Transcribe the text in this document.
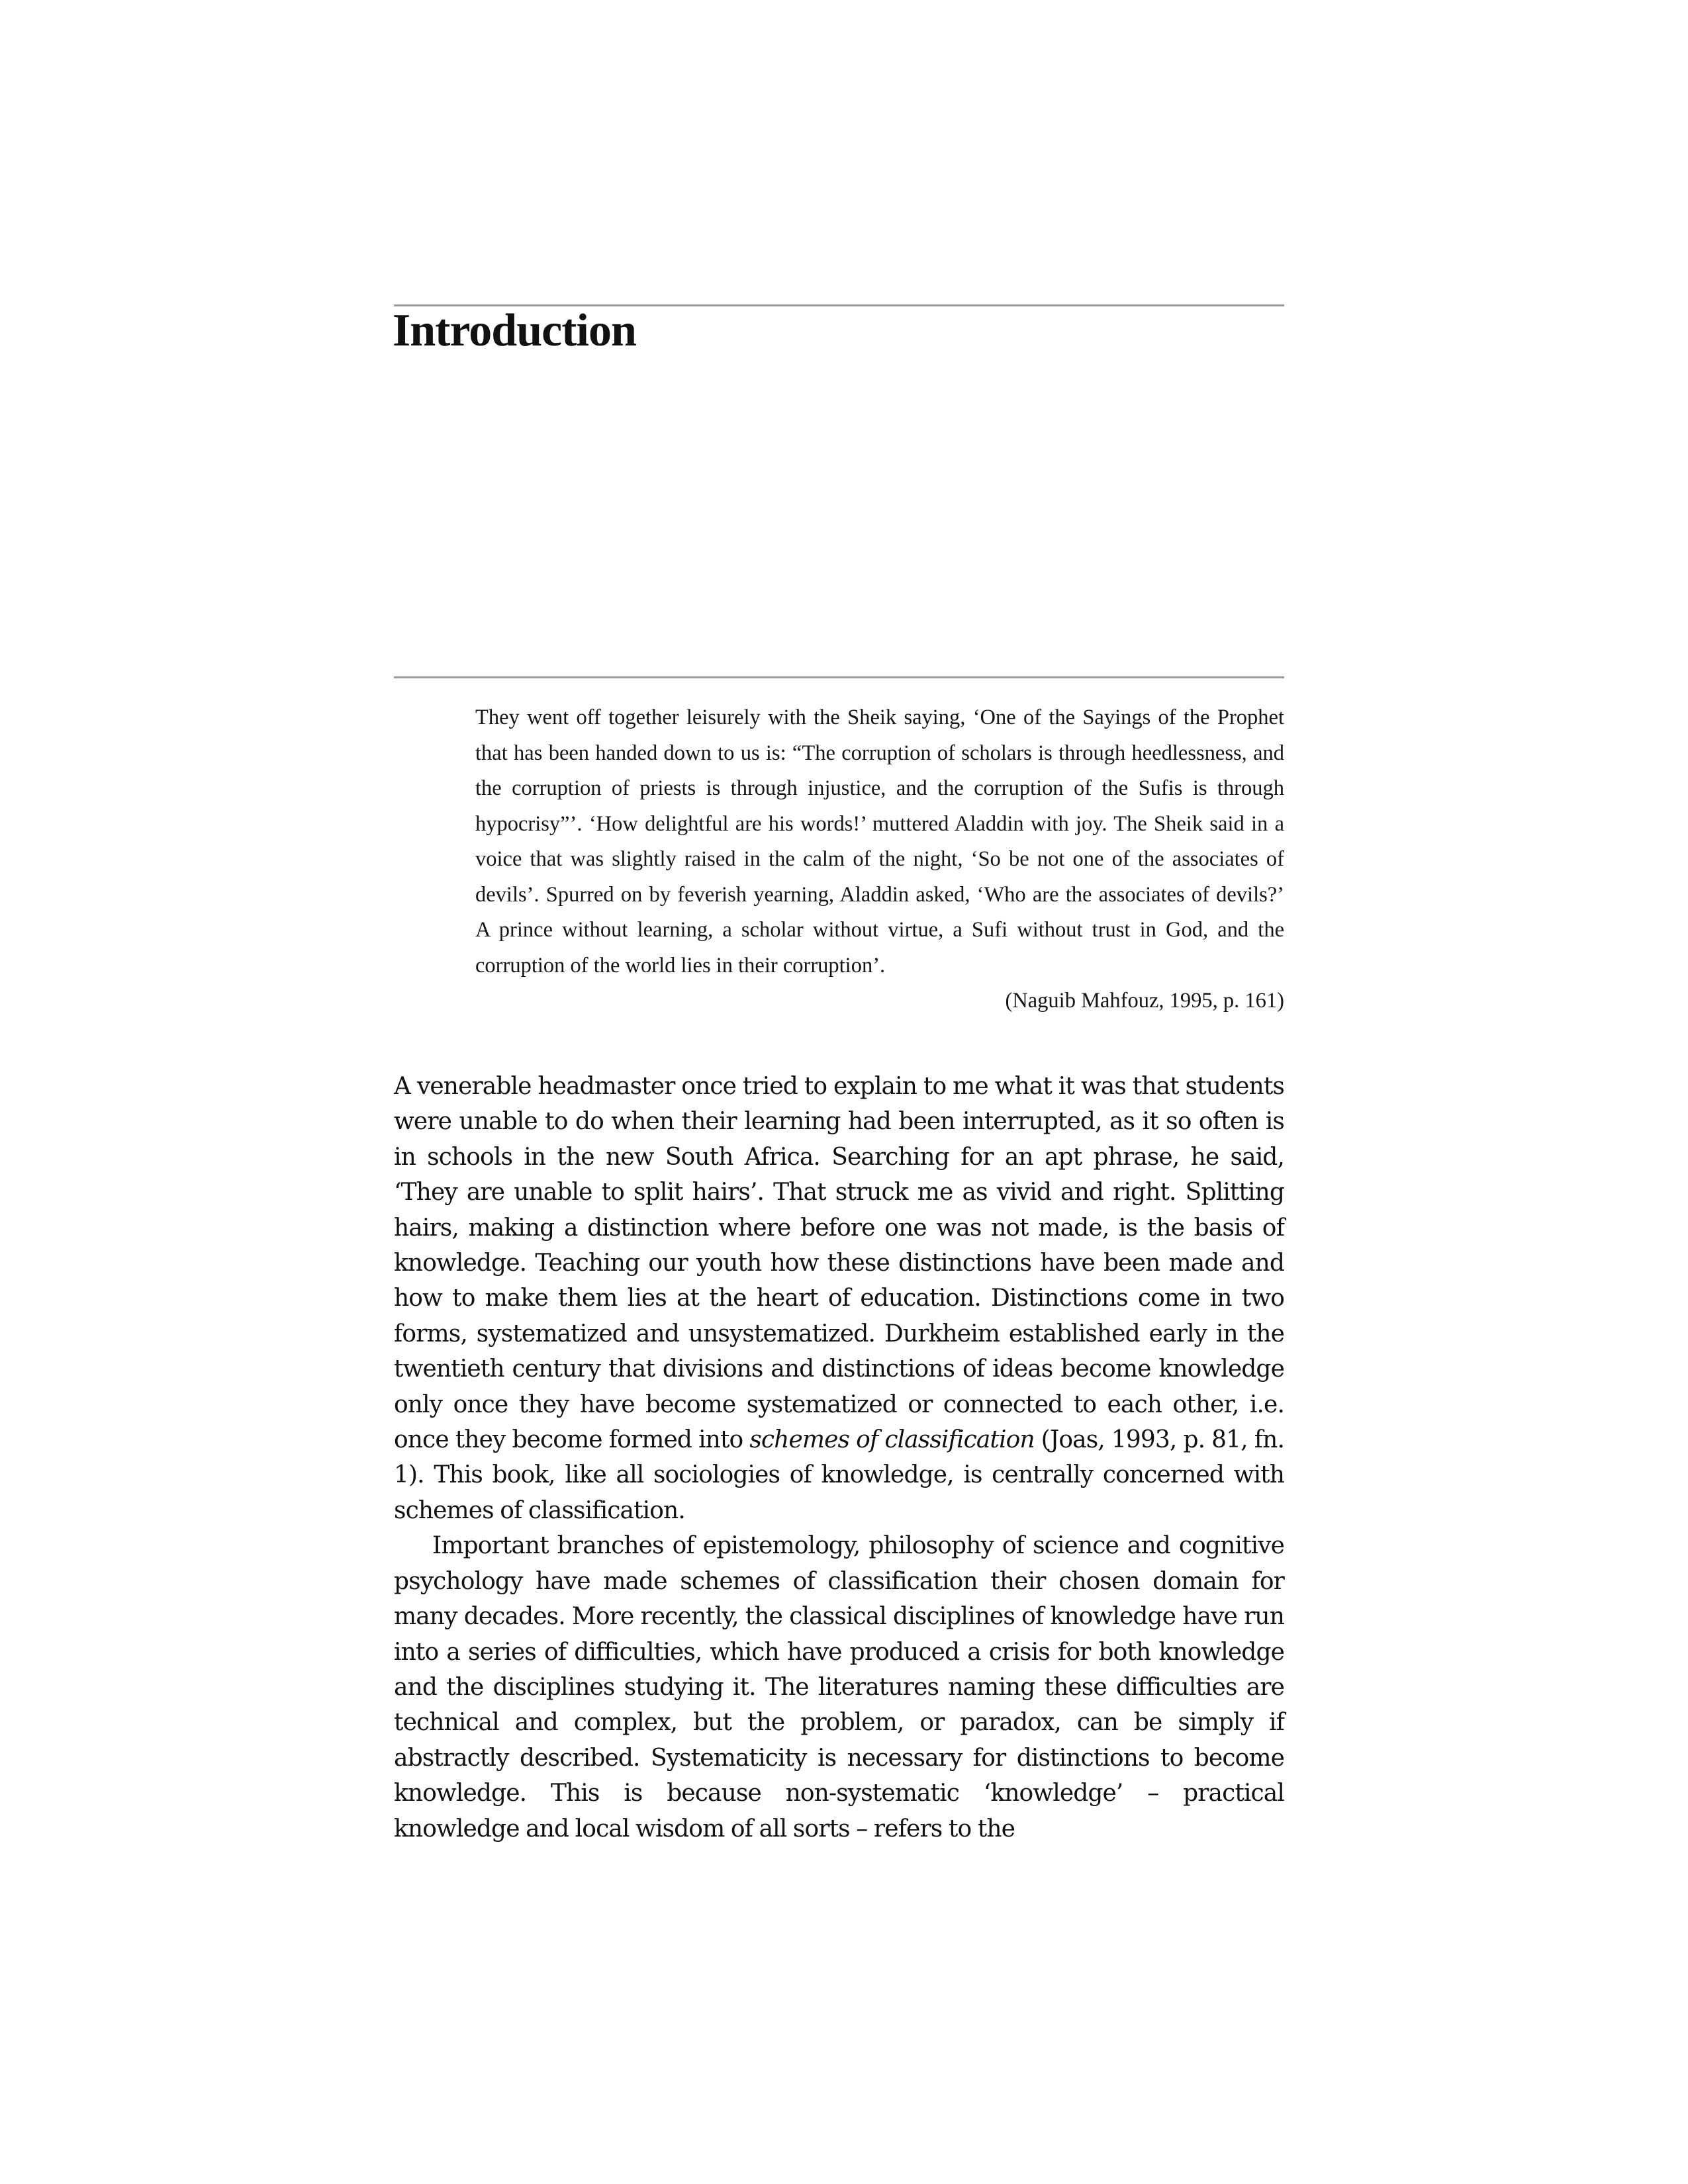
Introduction

They went off together leisurely with the Sheik saying, ‘One of the Sayings of the Prophet that has been handed down to us is: “The corruption of scholars is through heedlessness, and the corruption of priests is through injustice, and the corruption of the Sufis is through hypocrisy”’. ‘How delightful are his words!’ muttered Aladdin with joy. The Sheik said in a voice that was slightly raised in the calm of the night, ‘So be not one of the associates of devils’. Spurred on by feverish yearning, Aladdin asked, ‘Who are the associates of devils?’ A prince without learning, a scholar without virtue, a Sufi without trust in God, and the corruption of the world lies in their corruption’.

(Naguib Mahfouz, 1995, p. 161)

A venerable headmaster once tried to explain to me what it was that students were unable to do when their learning had been interrupted, as it so often is in schools in the new South Africa. Searching for an apt phrase, he said, ‘They are unable to split hairs’. That struck me as vivid and right. Splitting hairs, making a distinction where before one was not made, is the basis of knowledge. Teaching our youth how these distinctions have been made and how to make them lies at the heart of education. Distinctions come in two forms, systematized and unsystematized. Durkheim established early in the twentieth century that divisions and distinctions of ideas become knowledge only once they have become systematized or connected to each other, i.e. once they become formed into schemes of classification (Joas, 1993, p. 81, fn. 1). This book, like all sociologies of knowledge, is centrally concerned with schemes of classification.

Important branches of epistemology, philosophy of science and cognitive psychology have made schemes of classification their chosen domain for many decades. More recently, the classical disciplines of knowledge have run into a series of difficulties, which have produced a crisis for both knowledge and the disciplines studying it. The literatures naming these difficulties are technical and complex, but the problem, or paradox, can be simply if abstractly described. Systematicity is necessary for distinctions to become knowledge. This is because non-systematic ‘knowledge’ – practical knowledge and local wisdom of all sorts – refers to the
